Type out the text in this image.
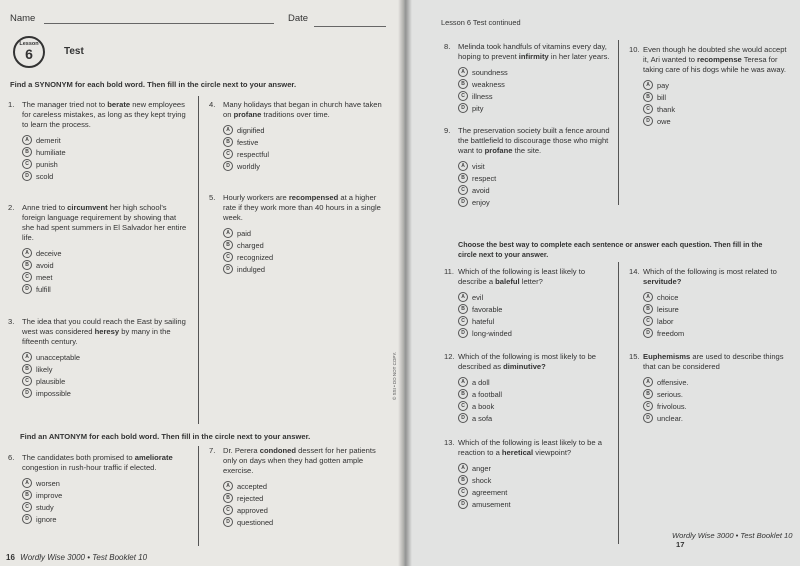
Name	Date
Lesson
6	Test
Find a SYNONYM for each bold word. Then fill in the circle next to your answer.
1.	The manager tried not to berate new employees for careless mistakes, as long as they kept trying to learn the process.
A demerit
B humiliate
C punish
D scold
2.	Anne tried to circumvent her high school's foreign language requirement by showing that she had spent summers in El Salvador her entire life.
A deceive
B avoid
C meet
D fulfill
3.	The idea that you could reach the East by sailing west was considered heresy by many in the fifteenth century.
A unacceptable
B likely
C plausible
D impossible
4.	Many holidays that began in church have taken on profane traditions over time.
A dignified
B festive
C respectful
D worldly
5.	Hourly workers are recompensed at a higher rate if they work more than 40 hours in a single week.
A paid
B charged
C recognized
D indulged
Find an ANTONYM for each bold word. Then fill in the circle next to your answer.
6.	The candidates both promised to ameliorate congestion in rush-hour traffic if elected.
A worsen
B improve
C study
D ignore
7.	Dr. Perera condoned dessert for her patients only on days when they had gotten ample exercise.
A accepted
B rejected
C approved
D questioned
16 Wordly Wise 3000 • Test Booklet 10
Lesson 6 Test continued
8.	Melinda took handfuls of vitamins every day, hoping to prevent infirmity in her later years.
A soundness
B weakness
C illness
D pity
9.	The preservation society built a fence around the battlefield to discourage those who might want to profane the site.
A visit
B respect
C avoid
D enjoy
10. Even though he doubted she would accept it, Ari wanted to recompense Teresa for taking care of his dogs while he was away.
A pay
B bill
C thank
D owe
Choose the best way to complete each sentence or answer each question. Then fill in the circle next to your answer.
11. Which of the following is least likely to describe a baleful letter?
A evil
B favorable
C hateful
D long-winded
12. Which of the following is most likely to be described as diminutive?
A a doll
B a football
C a book
D a sofa
13. Which of the following is least likely to be a reaction to a heretical viewpoint?
A anger
B shock
C agreement
D amusement
14. Which of the following is most related to servitude?
A choice
B leisure
C labor
D freedom
15. Euphemisms are used to describe things that can be considered
A offensive.
B serious.
C frivolous.
D unclear.
© SSI • DO NOT COPY.
Wordly Wise 3000 • Test Booklet 10 17
